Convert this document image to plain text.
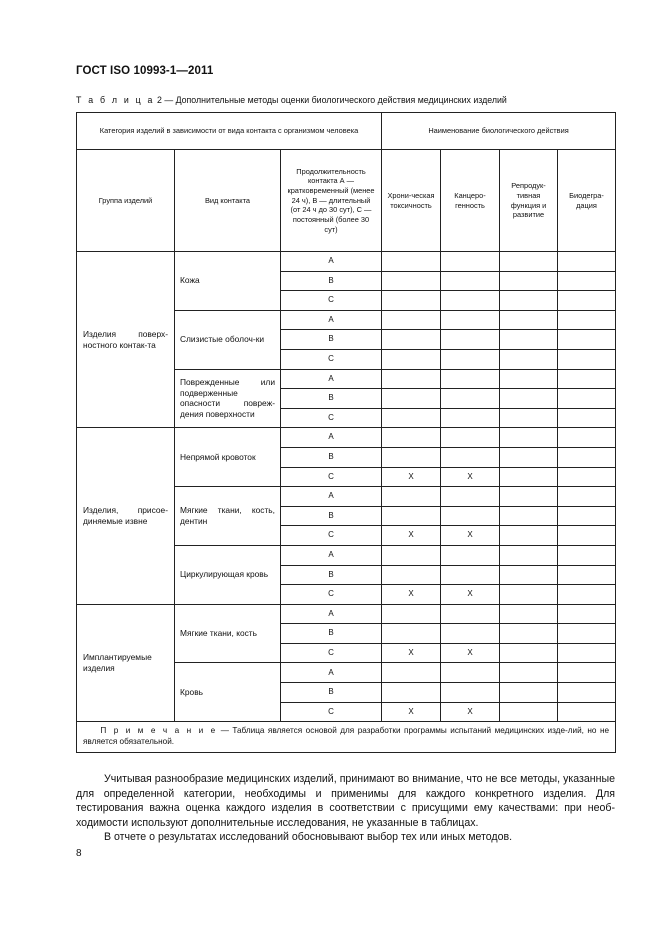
ГОСТ ISO 10993-1—2011
Т а б л и ц а 2 — Дополнительные методы оценки биологического действия медицинских изделий
Категория изделий в зависимости от вида контакта с организмом человека			Наименование биологического действия			
Группа изделий	Вид контакта	Продолжительность контакта А — кратковременный (менее 24 ч), В — длительный (от 24 ч до 30 сут), С — постоянный (более 30 сут)	Хрони-ческая токсичность	Канцеро-генность	Репродук-тивная функция и развитие	Биодегра-дация
Изделия поверх-ностного контак-та	Кожа	A				
		B				
		C				
	Слизистые оболоч-ки	A				
		B				
		C				
	Поврежденные или подверженные опасности повреж-дения поверхности	A				
		B				
		C				
Изделия, присое-диняемые извне	Непрямой кровоток	A				
		B				
		C	X	X		
	Мягкие ткани, кость, дентин	A				
		B				
		C	X	X		
	Циркулирующая кровь	A				
		B				
		C	X	X		
Имплантируемые изделия	Мягкие ткани, кость	A				
		B				
		C	X	X		
	Кровь	A				
		B				
		C	X	X		
П р и м е ч а н и е — Таблица является основой для разработки программы испытаний медицинских изде-лий, но не является обязательной.						

Учитывая разнообразие медицинских изделий, принимают во внимание, что не все методы, указанные для определенной категории, необходимы и применимы для каждого конкретного изделия. Для тестирования важна оценка каждого изделия в соответствии с присущими ему качествами: при необ-ходимости используют дополнительные исследования, не указанные в таблицах.

В отчете о результатах исследований обосновывают выбор тех или иных методов.

8
